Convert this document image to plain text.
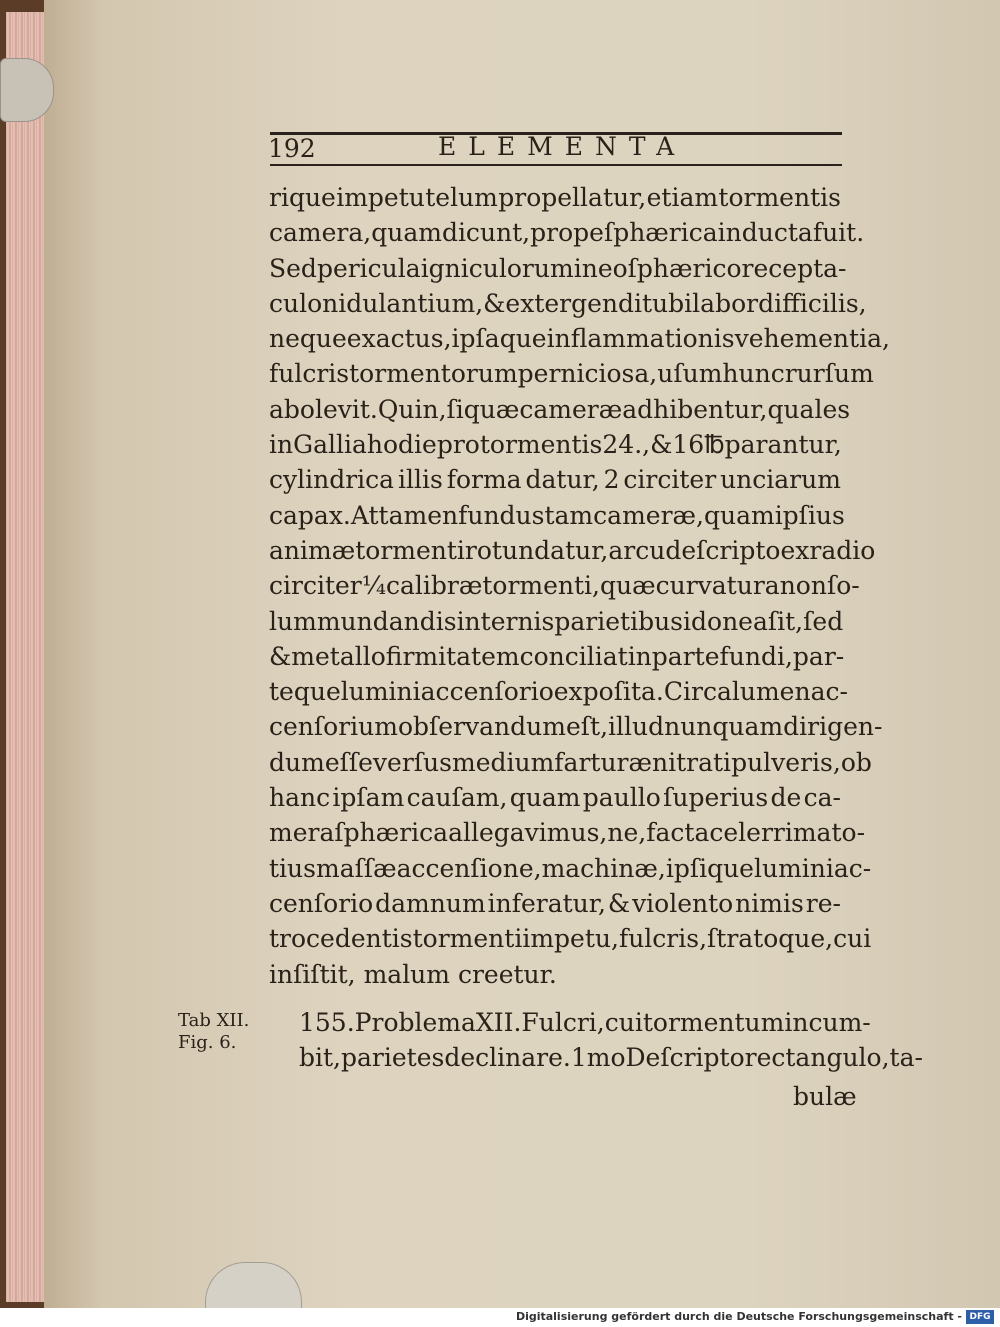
192	ELEMENTA
rique impetu telum propellatur, etiam tormentis
camera, quam dicunt, prope ſphærica inducta fuit.
Sed pericula igniculorum in eo ſphærico recepta-
culo nidulantium, & extergendi tubi labor difficilis,
neque exactus, ipſaque inflammationis vehementia,
fulcris tormentorum perniciosa, uſum hunc rurſum
abolevit. Quin, ſiquæ cameræ adhibentur, quales
in Gallia hodie pro tormentis 24., & 16 ℔ parantur,
cylindrica illis forma datur, 2 circiter unciarum
capax. Attamen fundus tam cameræ, quam ipſius
animæ tormenti rotundatur, arcu deſcripto ex radio
circiter ¼ calibræ tormenti, quæ curvatura non ſo-
lum mundandis internis parietibus idonea ſit, ſed
& metallo firmitatem conciliat in parte fundi, par-
teque lumini accenſorio expoſita. Circa lumen ac-
cenſorium obſervandum eſt, illud nunquam dirigen-
dum eſſe verſus medium farturæ nitrati pulveris, ob
hanc ipſam cauſam, quam paullo ſuperius de ca-
mera ſphærica allegavimus, ne, facta celerrima to-
tius maſſæ accenſione, machinæ, ipſique lumini ac-
cenſorio damnum inferatur, & violento nimis re-
trocedentis tormenti impetu, fulcris, ſtratoque, cui
inſiſtit, malum creetur.
Tab XII.
Fig. 6.
155. Problema XII. Fulcri, cui tormentum incum-
bit, parietes declinare. 1mo Deſcripto rectangulo, ta-
bulæ
Digitalisierung gefördert durch die Deutsche Forschungsgemeinschaft - DFG
